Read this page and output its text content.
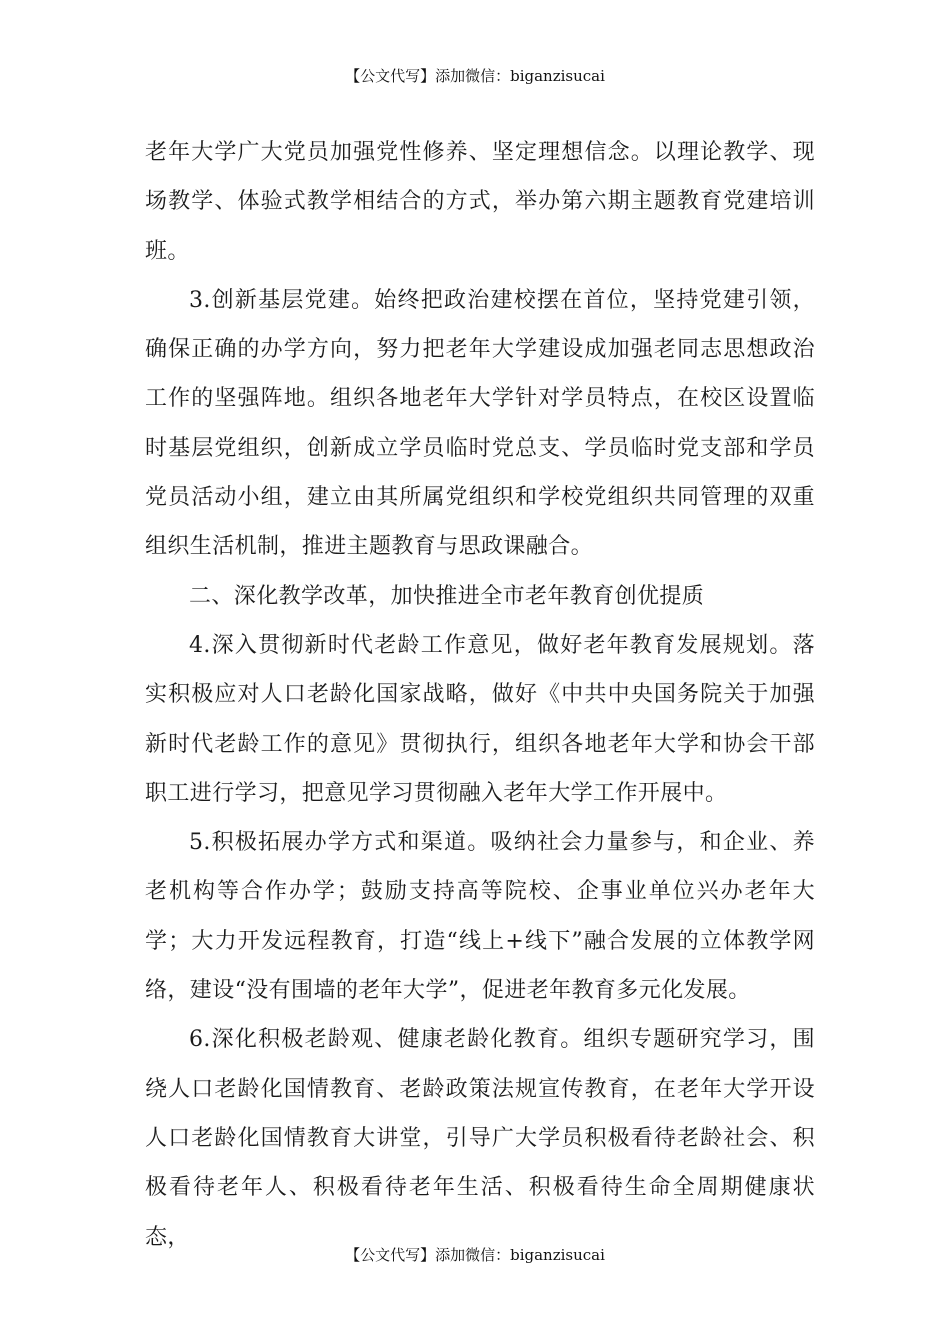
【公文代写】添加微信：biganzisucai

老年大学广大党员加强党性修养、坚定理想信念。以理论教学、现场教学、体验式教学相结合的方式，举办第六期主题教育党建培训班。

3.创新基层党建。始终把政治建校摆在首位，坚持党建引领，确保正确的办学方向，努力把老年大学建设成加强老同志思想政治工作的坚强阵地。组织各地老年大学针对学员特点，在校区设置临时基层党组织，创新成立学员临时党总支、学员临时党支部和学员党员活动小组，建立由其所属党组织和学校党组织共同管理的双重组织生活机制，推进主题教育与思政课融合。

二、深化教学改革，加快推进全市老年教育创优提质

4.深入贯彻新时代老龄工作意见，做好老年教育发展规划。落实积极应对人口老龄化国家战略，做好《中共中央国务院关于加强新时代老龄工作的意见》贯彻执行，组织各地老年大学和协会干部职工进行学习，把意见学习贯彻融入老年大学工作开展中。

5.积极拓展办学方式和渠道。吸纳社会力量参与，和企业、养老机构等合作办学；鼓励支持高等院校、企事业单位兴办老年大学；大力开发远程教育，打造“线上+线下”融合发展的立体教学网络，建设“没有围墙的老年大学”，促进老年教育多元化发展。

6.深化积极老龄观、健康老龄化教育。组织专题研究学习，围绕人口老龄化国情教育、老龄政策法规宣传教育，在老年大学开设人口老龄化国情教育大讲堂，引导广大学员积极看待老龄社会、积极看待老年人、积极看待老年生活、积极看待生命全周期健康状态，

【公文代写】添加微信：biganzisucai
